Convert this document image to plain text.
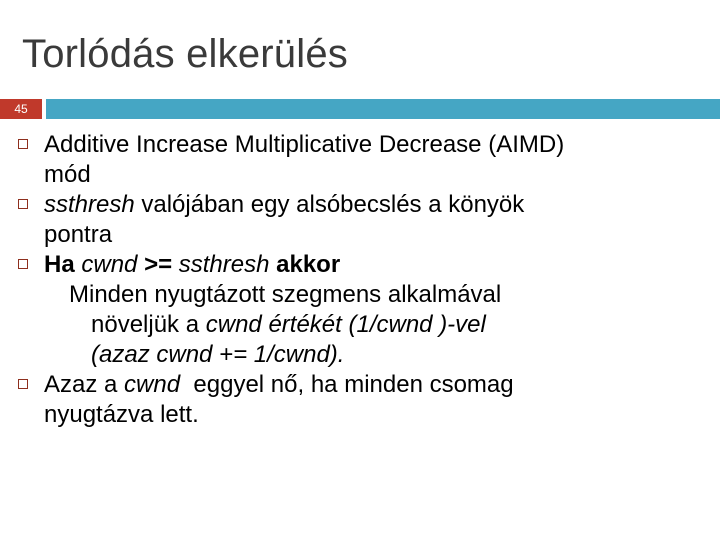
Torlódás elkerülés
45
Additive Increase Multiplicative Decrease (AIMD)
mód
ssthresh valójában egy alsóbecslés a könyök
pontra
Ha cwnd >= ssthresh akkor
Minden nyugtázott szegmens alkalmával
növeljük a cwnd értékét (1/cwnd )-vel
(azaz cwnd += 1/cwnd).
Azaz a cwnd  eggyel nő, ha minden csomag
nyugtázva lett.
